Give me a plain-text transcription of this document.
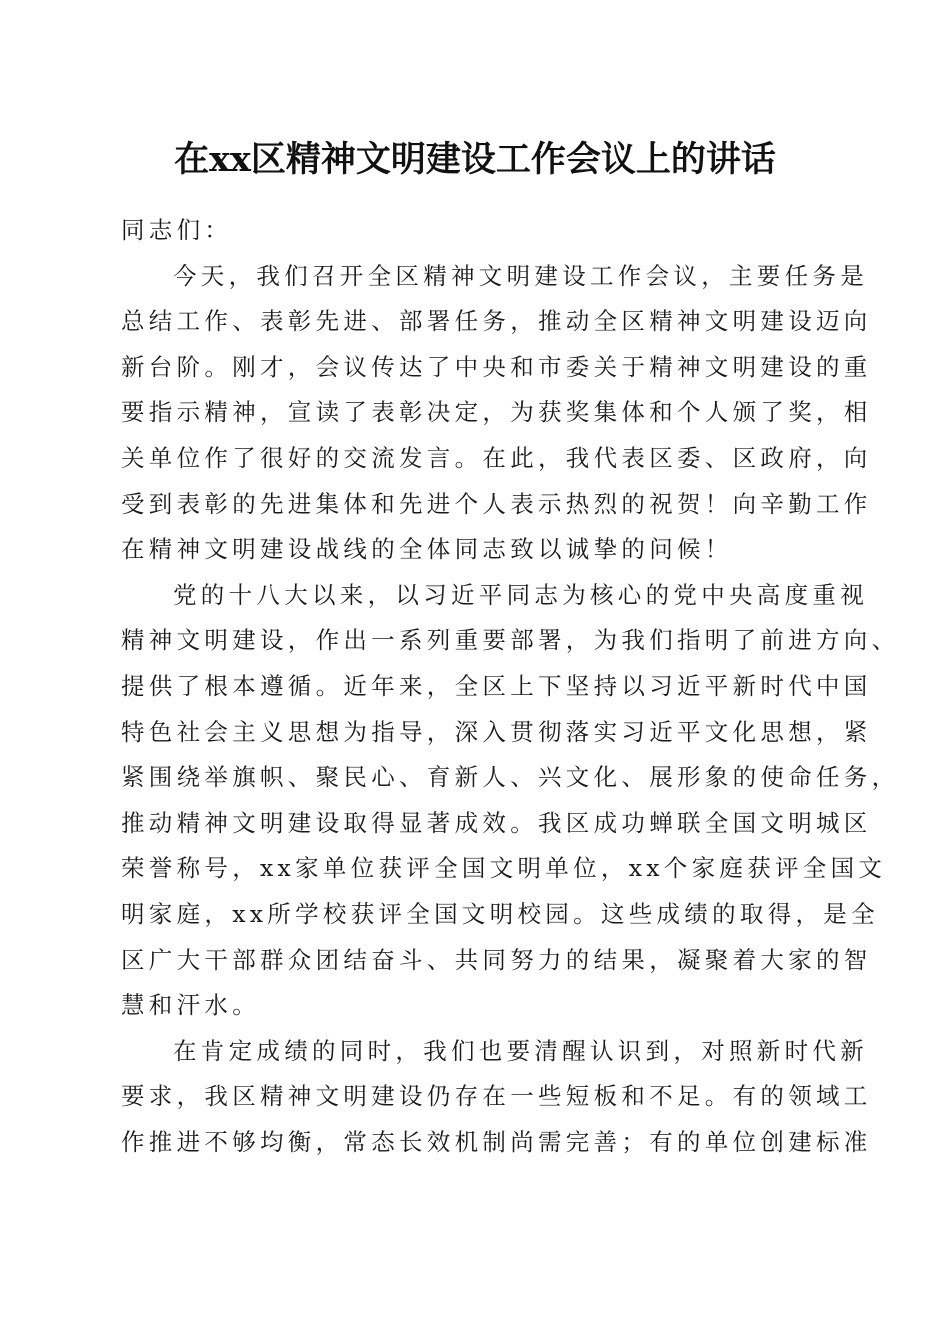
在xx区精神文明建设工作会议上的讲话
同志们：
今天，我们召开全区精神文明建设工作会议，主要任务是
总结工作、表彰先进、部署任务，推动全区精神文明建设迈向
新台阶。刚才，会议传达了中央和市委关于精神文明建设的重
要指示精神，宣读了表彰决定，为获奖集体和个人颁了奖，相
关单位作了很好的交流发言。在此，我代表区委、区政府，向
受到表彰的先进集体和先进个人表示热烈的祝贺！向辛勤工作
在精神文明建设战线的全体同志致以诚挚的问候！
党的十八大以来，以习近平同志为核心的党中央高度重视
精神文明建设，作出一系列重要部署，为我们指明了前进方向、
提供了根本遵循。近年来，全区上下坚持以习近平新时代中国
特色社会主义思想为指导，深入贯彻落实习近平文化思想，紧
紧围绕举旗帜、聚民心、育新人、兴文化、展形象的使命任务，
推动精神文明建设取得显著成效。我区成功蝉联全国文明城区
荣誉称号，xx家单位获评全国文明单位，xx个家庭获评全国文
明家庭，xx所学校获评全国文明校园。这些成绩的取得，是全
区广大干部群众团结奋斗、共同努力的结果，凝聚着大家的智
慧和汗水。
在肯定成绩的同时，我们也要清醒认识到，对照新时代新
要求，我区精神文明建设仍存在一些短板和不足。有的领域工
作推进不够均衡，常态长效机制尚需完善；有的单位创建标准
